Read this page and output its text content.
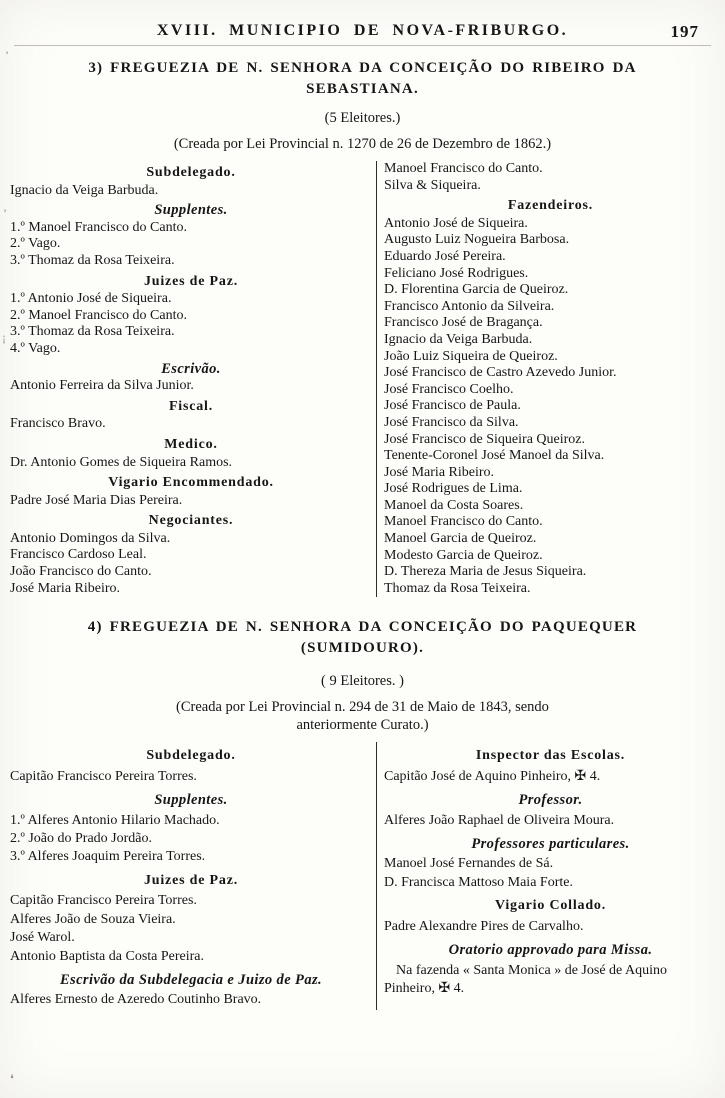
XVIII. MUNICIPIO DE NOVA-FRIBURGO.	197
3) FREGUEZIA DE N. SENHORA DA CONCEIÇÃO DO RIBEIRO DA
SEBASTIANA.
(5 Eleitores.)
(Creada por Lei Provincial n. 1270 de 26 de Dezembro de 1862.)
Subdelegado.
Ignacio da Veiga Barbuda.
Supplentes.
1.º Manoel Francisco do Canto.
2.º Vago.
3.º Thomaz da Rosa Teixeira.
Juizes de Paz.
1.º Antonio José de Siqueira.
2.º Manoel Francisco do Canto.
3.º Thomaz da Rosa Teixeira.
4.º Vago.
Escrivão.
Antonio Ferreira da Silva Junior.
Fiscal.
Francisco Bravo.
Medico.
Dr. Antonio Gomes de Siqueira Ramos.
Vigario Encommendado.
Padre José Maria Dias Pereira.
Negociantes.
Antonio Domingos da Silva.
Francisco Cardoso Leal.
João Francisco do Canto.
José Maria Ribeiro.
Manoel Francisco do Canto.
Silva & Siqueira.
Fazendeiros.
Antonio José de Siqueira.
Augusto Luiz Nogueira Barbosa.
Eduardo José Pereira.
Feliciano José Rodrigues.
D. Florentina Garcia de Queiroz.
Francisco Antonio da Silveira.
Francisco José de Bragança.
Ignacio da Veiga Barbuda.
João Luiz Siqueira de Queiroz.
José Francisco de Castro Azevedo Junior.
José Francisco Coelho.
José Francisco de Paula.
José Francisco da Silva.
José Francisco de Siqueira Queiroz.
Tenente-Coronel José Manoel da Silva.
José Maria Ribeiro.
José Rodrigues de Lima.
Manoel da Costa Soares.
Manoel Francisco do Canto.
Manoel Garcia de Queiroz.
Modesto Garcia de Queiroz.
D. Thereza Maria de Jesus Siqueira.
Thomaz da Rosa Teixeira.
4) FREGUEZIA DE N. SENHORA DA CONCEIÇÃO DO PAQUEQUER
(SUMIDOURO).
( 9 Eleitores. )
(Creada por Lei Provincial n. 294 de 31 de Maio de 1843, sendo
anteriormente Curato.)
Subdelegado.
Capitão Francisco Pereira Torres.
Supplentes.
1.º Alferes Antonio Hilario Machado.
2.º João do Prado Jordão.
3.º Alferes Joaquim Pereira Torres.
Juizes de Paz.
Capitão Francisco Pereira Torres.
Alferes João de Souza Vieira.
José Warol.
Antonio Baptista da Costa Pereira.
Escrivão da Subdelegacia e Juizo de Paz.
Alferes Ernesto de Azeredo Coutinho Bravo.
Inspector das Escolas.
Capitão José de Aquino Pinheiro, ✠ 4.
Professor.
Alferes João Raphael de Oliveira Moura.
Professores particulares.
Manoel José Fernandes de Sá.
D. Francisca Mattoso Maia Forte.
Vigario Collado.
Padre Alexandre Pires de Carvalho.
Oratorio approvado para Missa.
Na fazenda « Santa Monica » de José de Aquino Pinheiro, ✠ 4.
’
’
¡
❛
